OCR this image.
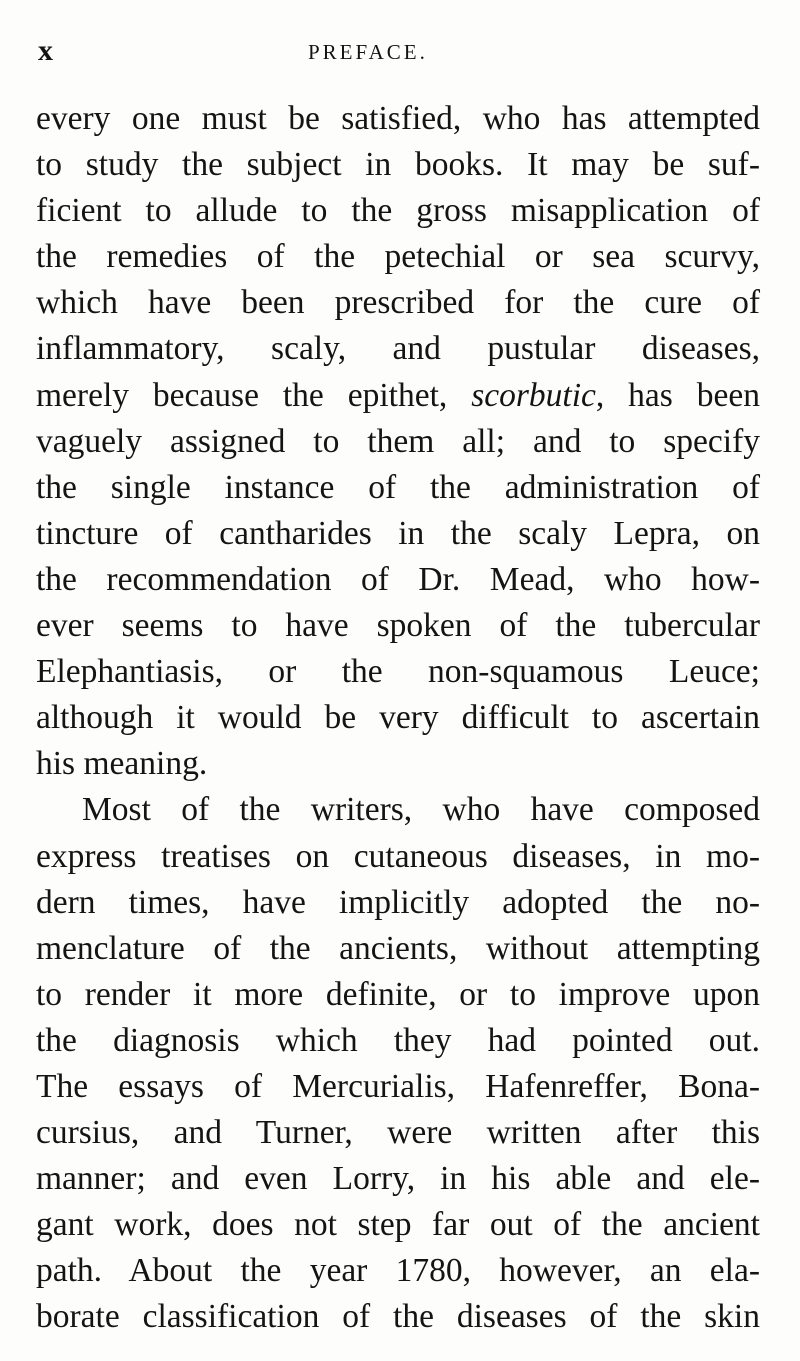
x	PREFACE.
every one must be satisfied, who has attempted
to study the subject in books. It may be suf-
ficient to allude to the gross misapplication of
the remedies of the petechial or sea scurvy,
which have been prescribed for the cure of
inflammatory, scaly, and pustular diseases,
merely because the epithet, scorbutic, has been
vaguely assigned to them all; and to specify
the single instance of the administration of
tincture of cantharides in the scaly Lepra, on
the recommendation of Dr. Mead, who how-
ever seems to have spoken of the tubercular
Elephantiasis, or the non-squamous Leuce;
although it would be very difficult to ascertain
his meaning.
Most of the writers, who have composed
express treatises on cutaneous diseases, in mo-
dern times, have implicitly adopted the no-
menclature of the ancients, without attempting
to render it more definite, or to improve upon
the diagnosis which they had pointed out.
The essays of Mercurialis, Hafenreffer, Bona-
cursius, and Turner, were written after this
manner; and even Lorry, in his able and ele-
gant work, does not step far out of the ancient
path. About the year 1780, however, an ela-
borate classification of the diseases of the skin
